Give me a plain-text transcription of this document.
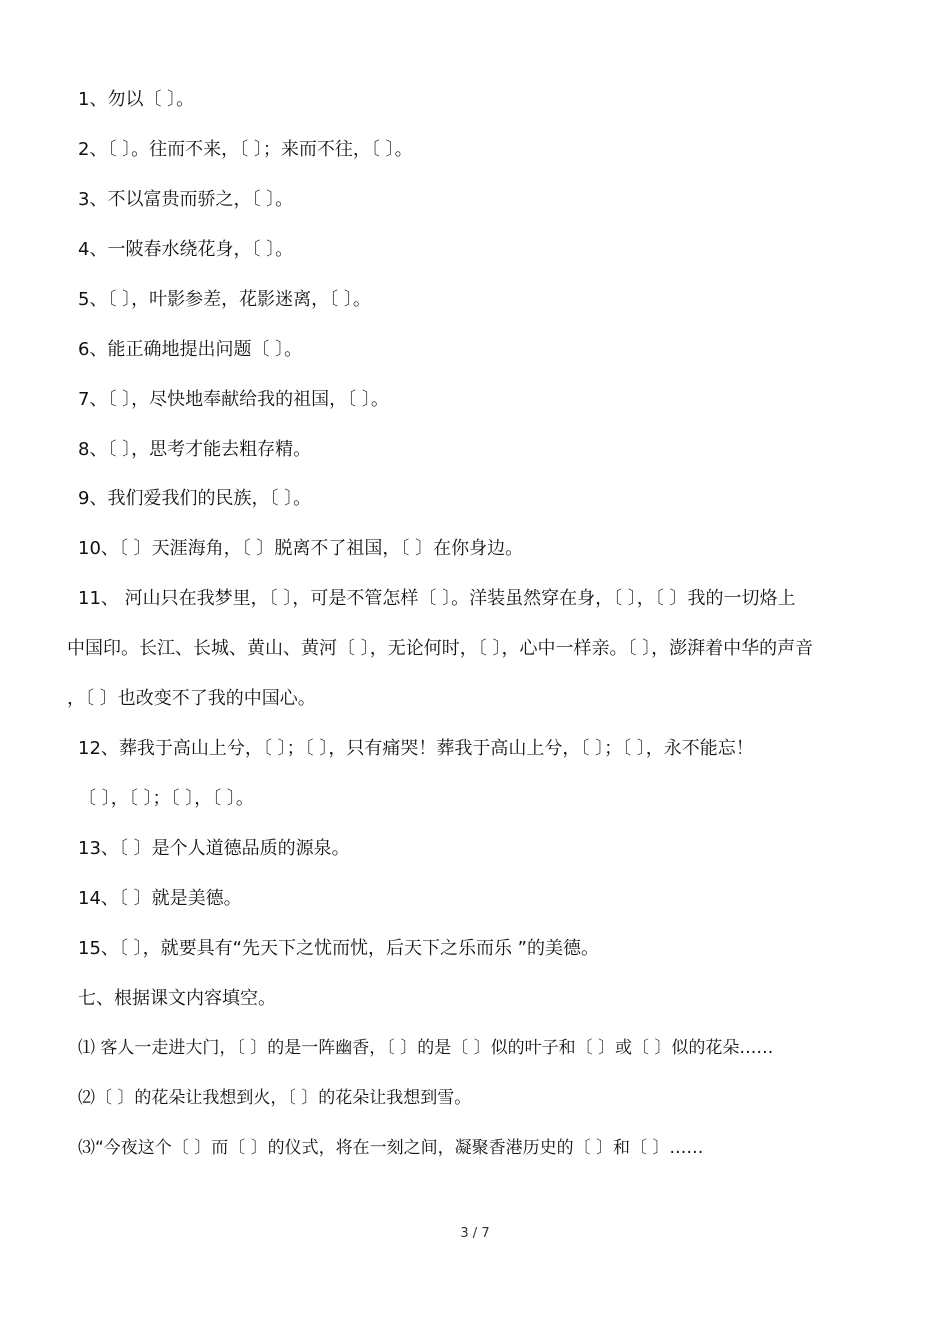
1、勿以〔 〕。
2、〔 〕。往而不来，〔 〕；来而不往，〔 〕。
3、不以富贵而骄之，〔 〕。
4、一陂春水绕花身，〔 〕。
5、〔 〕，叶影参差，花影迷离，〔 〕。
6、能正确地提出问题〔 〕。
7、〔 〕，尽快地奉献给我的祖国，〔 〕。
8、〔 〕，思考才能去粗存精。
9、我们爱我们的民族，〔 〕。
10、〔 〕天涯海角，〔 〕脱离不了祖国，〔 〕在你身边。
11、 河山只在我梦里，〔 〕，可是不管怎样〔 〕。洋装虽然穿在身，〔 〕，〔 〕我的一切烙上
中国印。长江、长城、黄山、黄河〔 〕，无论何时，〔 〕，心中一样亲。〔 〕，澎湃着中华的声音
，〔 〕也改变不了我的中国心。
12、葬我于高山上兮，〔 〕；〔 〕，只有痛哭！葬我于高山上兮，〔 〕；〔 〕，永不能忘！
〔 〕，〔 〕；〔 〕，〔 〕。
13、〔 〕是个人道德品质的源泉。
14、〔 〕就是美德。
15、〔 〕，就要具有“先天下之忧而忧，后天下之乐而乐 ”的美德。
七、根据课文内容填空。
⑴ 客人一走进大门，〔 〕的是一阵幽香，〔 〕的是〔 〕似的叶子和〔 〕或〔 〕似的花朵……
⑵〔 〕的花朵让我想到火，〔 〕的花朵让我想到雪。
⑶“今夜这个〔 〕而〔 〕的仪式，将在一刻之间，凝聚香港历史的〔 〕和〔 〕……
3 / 7
